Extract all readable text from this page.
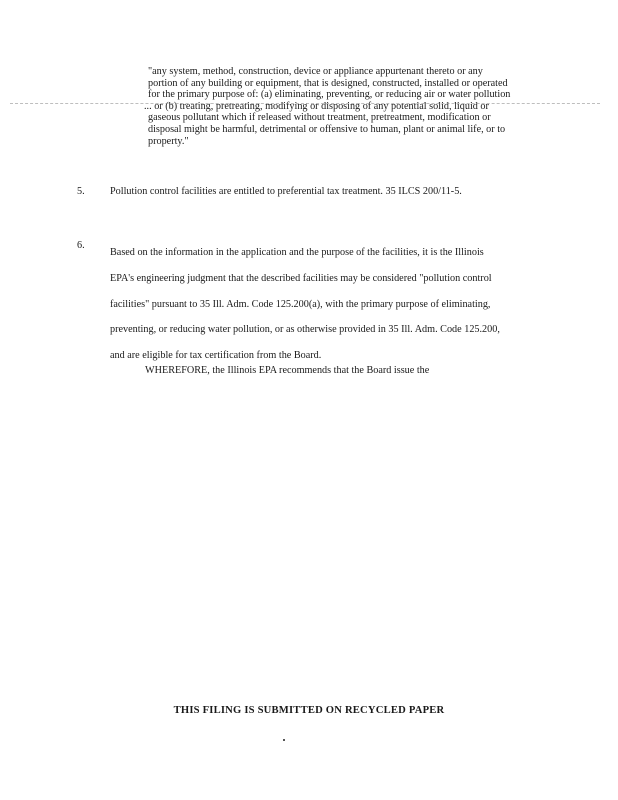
"any system, method, construction, device or appliance appurtenant thereto or any

portion of any building or equipment, that is designed, constructed, installed or operated

for the primary purpose of: (a) eliminating, preventing, or reducing air or water pollution

... or (b) treating, pretreating, modifying or disposing of any potential solid, liquid or

gaseous pollutant which if released without treatment, pretreatment, modification or

disposal might be harmful, detrimental or offensive to human, plant or animal life, or to

property."

5. Pollution control facilities are entitled to preferential tax treatment. 35 ILCS 200/11-5.
6.
Based on the information in the application and the purpose of the facilities, it is the Illinois
EPA's engineering judgment that the described facilities may be considered "pollution control
facilities" pursuant to 35 Ill. Adm. Code 125.200(a), with the primary purpose of eliminating,
preventing, or reducing water pollution, or as otherwise provided in 35 Ill. Adm. Code 125.200,
and are eligible for tax certification from the Board.
WHEREFORE, the Illinois EPA recommends that the Board issue the
THIS FILING IS SUBMITTED ON RECYCLED PAPER
